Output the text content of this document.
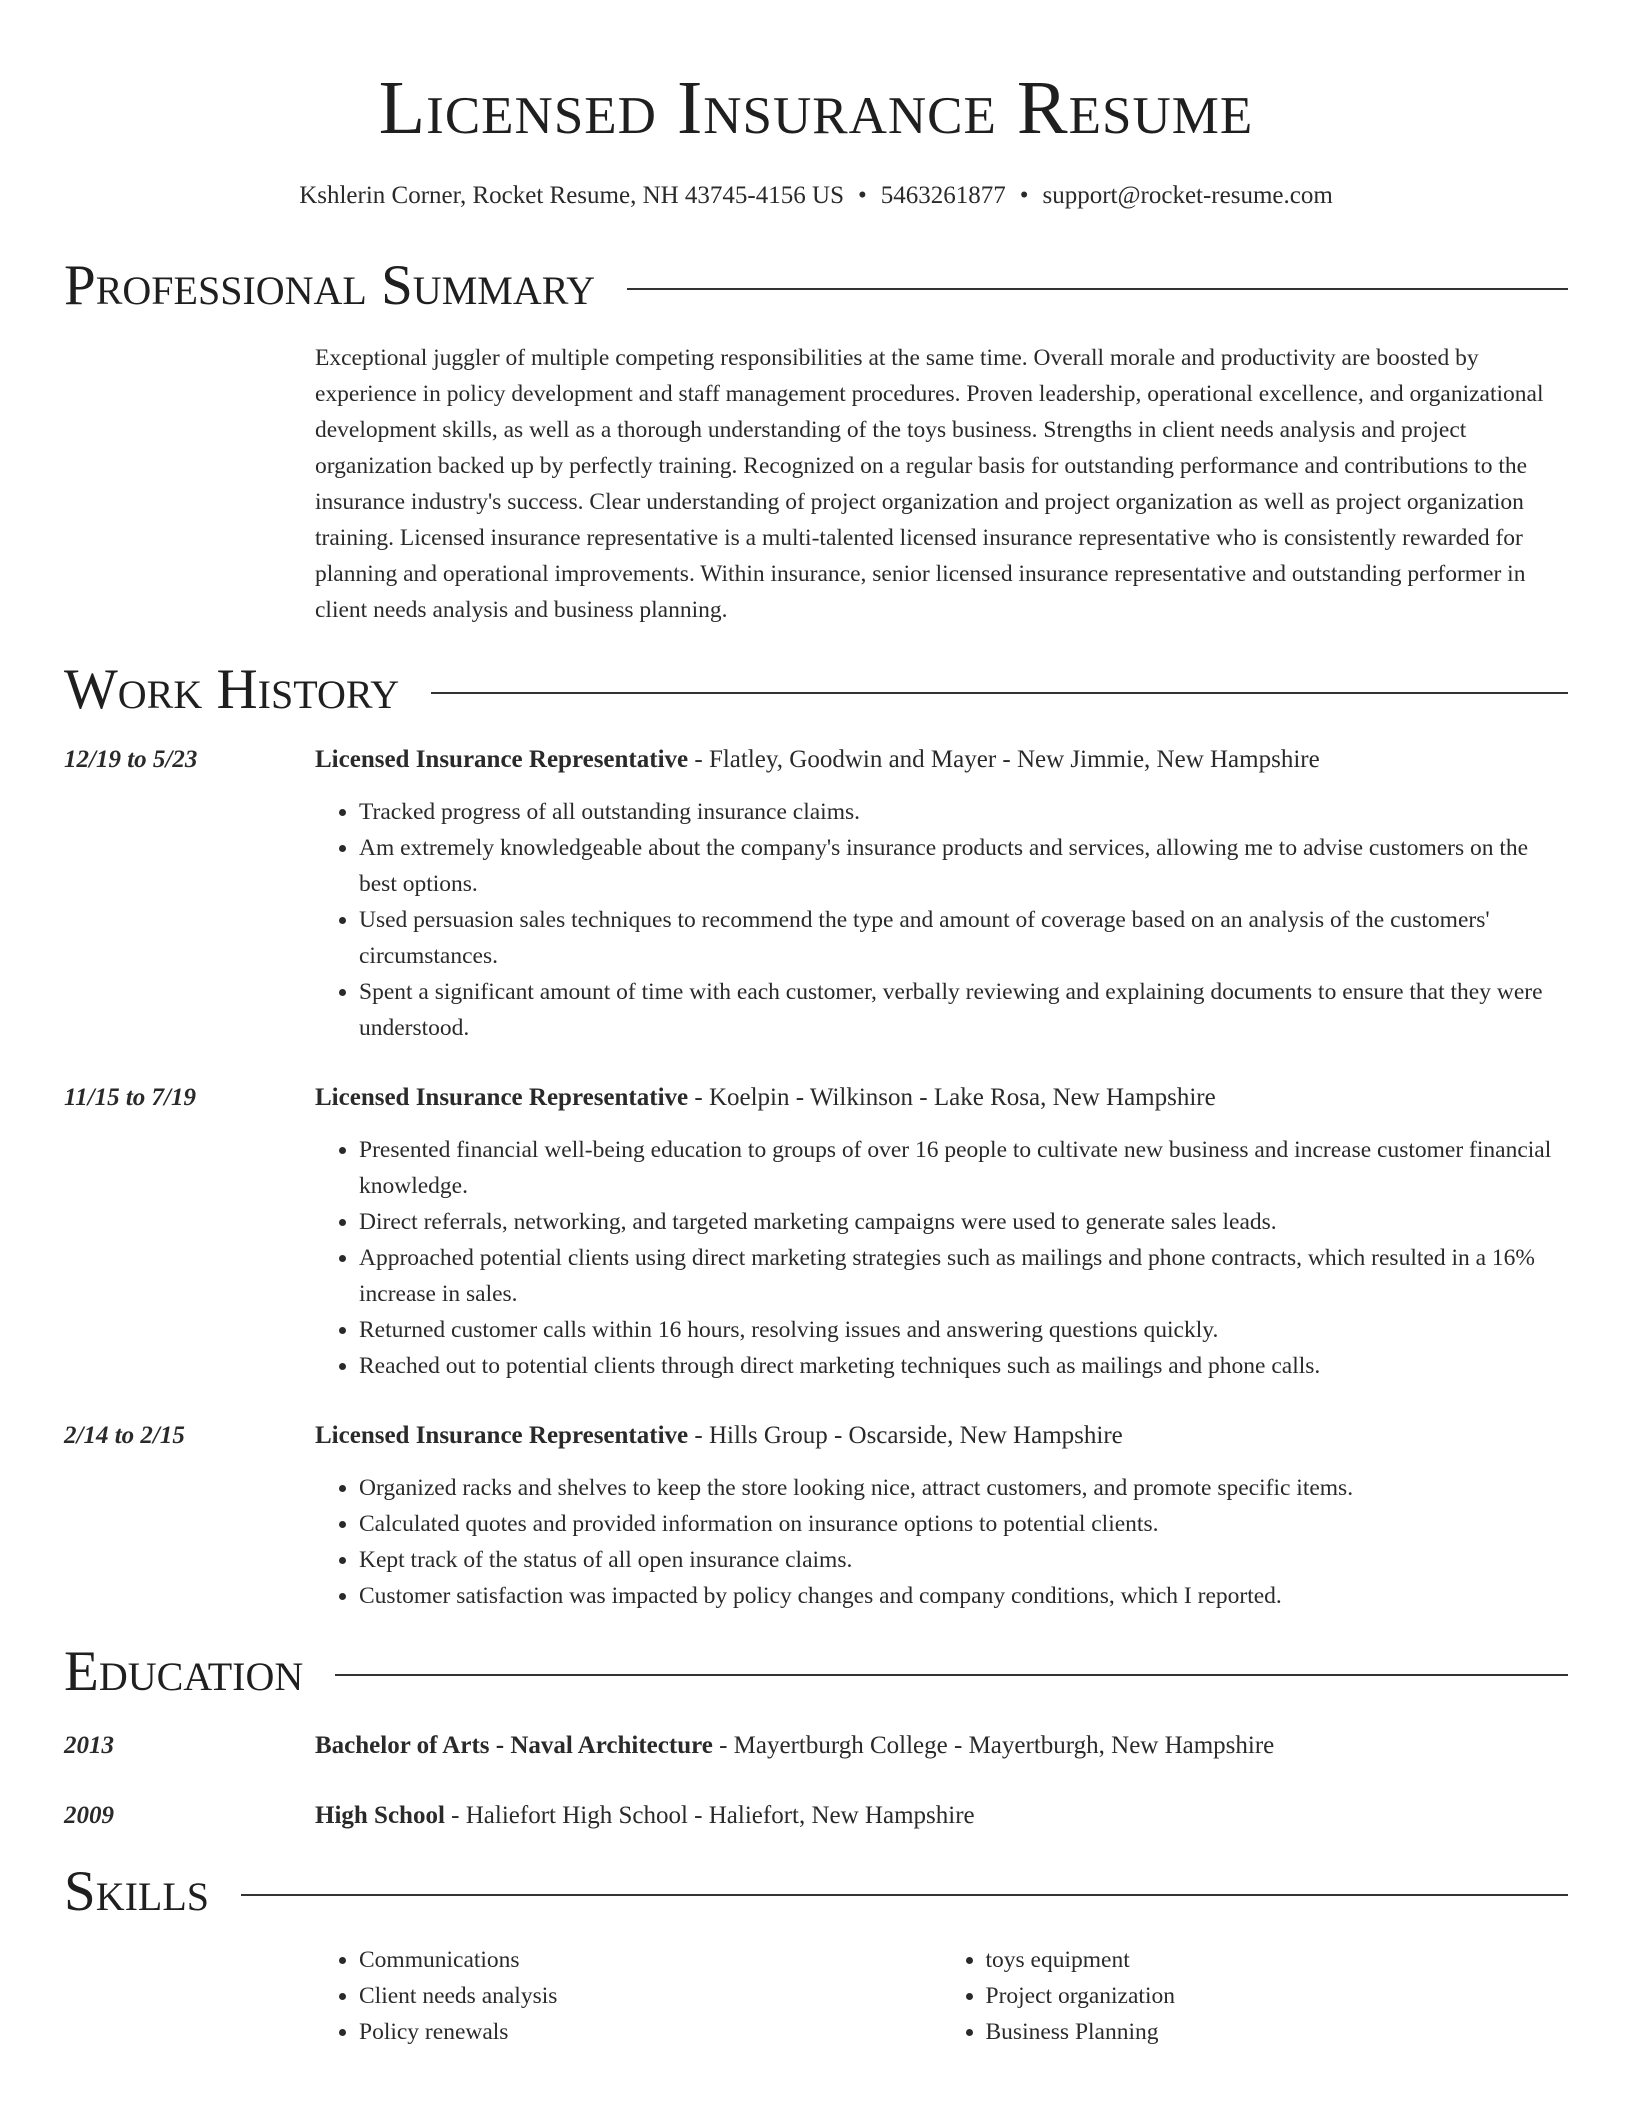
Licensed Insurance Resume
Kshlerin Corner, Rocket Resume, NH 43745-4156 US • 5463261877 • support@rocket-resume.com
Professional Summary

Exceptional juggler of multiple competing responsibilities at the same time. Overall morale and productivity are boosted by experience in policy development and staff management procedures. Proven leadership, operational excellence, and organizational development skills, as well as a thorough understanding of the toys business. Strengths in client needs analysis and project organization backed up by perfectly training. Recognized on a regular basis for outstanding performance and contributions to the insurance industry's success. Clear understanding of project organization and project organization as well as project organization training. Licensed insurance representative is a multi-talented licensed insurance representative who is consistently rewarded for planning and operational improvements. Within insurance, senior licensed insurance representative and outstanding performer in client needs analysis and business planning.

Work History
12/19 to 5/23	Licensed Insurance Representative - Flatley, Goodwin and Mayer - New Jimmie, New Hampshire
• Tracked progress of all outstanding insurance claims.
• Am extremely knowledgeable about the company's insurance products and services, allowing me to advise customers on the best options.
• Used persuasion sales techniques to recommend the type and amount of coverage based on an analysis of the customers' circumstances.
• Spent a significant amount of time with each customer, verbally reviewing and explaining documents to ensure that they were understood.
11/15 to 7/19	Licensed Insurance Representative - Koelpin - Wilkinson - Lake Rosa, New Hampshire
• Presented financial well-being education to groups of over 16 people to cultivate new business and increase customer financial knowledge.
• Direct referrals, networking, and targeted marketing campaigns were used to generate sales leads.
• Approached potential clients using direct marketing strategies such as mailings and phone contracts, which resulted in a 16% increase in sales.
• Returned customer calls within 16 hours, resolving issues and answering questions quickly.
• Reached out to potential clients through direct marketing techniques such as mailings and phone calls.
2/14 to 2/15	Licensed Insurance Representative - Hills Group - Oscarside, New Hampshire
• Organized racks and shelves to keep the store looking nice, attract customers, and promote specific items.
• Calculated quotes and provided information on insurance options to potential clients.
• Kept track of the status of all open insurance claims.
• Customer satisfaction was impacted by policy changes and company conditions, which I reported.
Education
2013	Bachelor of Arts - Naval Architecture - Mayertburgh College - Mayertburgh, New Hampshire
2009	High School - Haliefort High School - Haliefort, New Hampshire
Skills
• Communications
• Client needs analysis
• Policy renewals
• toys equipment
• Project organization
• Business Planning
